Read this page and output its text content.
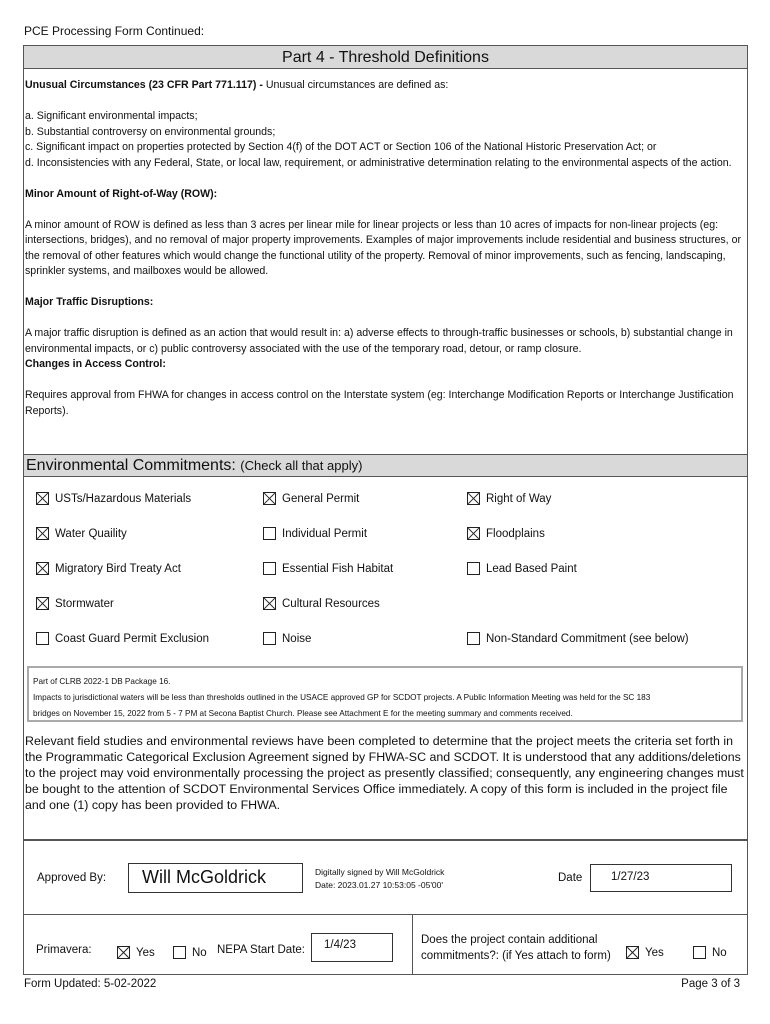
PCE Processing Form Continued:
Part 4 - Threshold Definitions

Unusual Circumstances (23 CFR Part 771.117) - Unusual circumstances are defined as:

a. Significant environmental impacts;

b. Substantial controversy on environmental grounds;

c. Significant impact on properties protected by Section 4(f) of the DOT ACT or Section 106 of the National Historic Preservation Act; or

d. Inconsistencies with any Federal, State, or local law, requirement, or administrative determination relating to the environmental aspects of the action.

Minor Amount of Right-of-Way (ROW):

A minor amount of ROW is defined as less than 3 acres per linear mile for linear projects or less than 10 acres of impacts for non-linear projects (eg: intersections, bridges), and no removal of major property improvements. Examples of major improvements include residential and business structures, or the removal of other features which would change the functional utility of the property. Removal of minor improvements, such as fencing, landscaping, sprinkler systems, and mailboxes would be allowed.

Major Traffic Disruptions:

A major traffic disruption is defined as an action that would result in: a) adverse effects to through-traffic businesses or schools, b) substantial change in environmental impacts, or c) public controversy associated with the use of the temporary road, detour, or ramp closure.

Changes in Access Control:

Requires approval from FHWA for changes in access control on the Interstate system (eg: Interchange Modification Reports or Interchange Justification Reports).

Environmental Commitments: (Check all that apply)
USTs/Hazardous Materials	General Permit	Right of Way
Water Quaility	Individual Permit	Floodplains
Migratory Bird Treaty Act	Essential Fish Habitat	Lead Based Paint
Stormwater	Cultural Resources
Coast Guard Permit Exclusion	Noise	Non-Standard Commitment (see below)
Part of CLRB 2022-1 DB Package 16.
Impacts to jurisdictional waters will be less than thresholds outlined in the USACE approved GP for SCDOT projects. A Public Information Meeting was held for the SC 183
bridges on November 15, 2022 from 5 - 7 PM at Secona Baptist Church. Please see Attachment E for the meeting summary and comments received.
Relevant field studies and environmental reviews have been completed to determine that the project meets the criteria set forth in the Programmatic Categorical Exclusion Agreement signed by FHWA-SC and SCDOT. It is understood that any additions/deletions to the project may void environmentally processing the project as presently classified; consequently, any engineering changes must be bought to the attention of SCDOT Environmental Services Office immediately. A copy of this form is included in the project file and one (1) copy has been provided to FHWA.
Approved By: Will McGoldrick	Digitally signed by Will McGoldrick
Date: 2023.01.27 10:53:05 -05'00'
Date 1/27/23
Primavera:	Yes	No NEPA Start Date: 1/4/23	Does the project contain additional
commitments?: (if Yes attach to form)	Yes	No
Form Updated: 5-02-2022	Page 3 of 3
